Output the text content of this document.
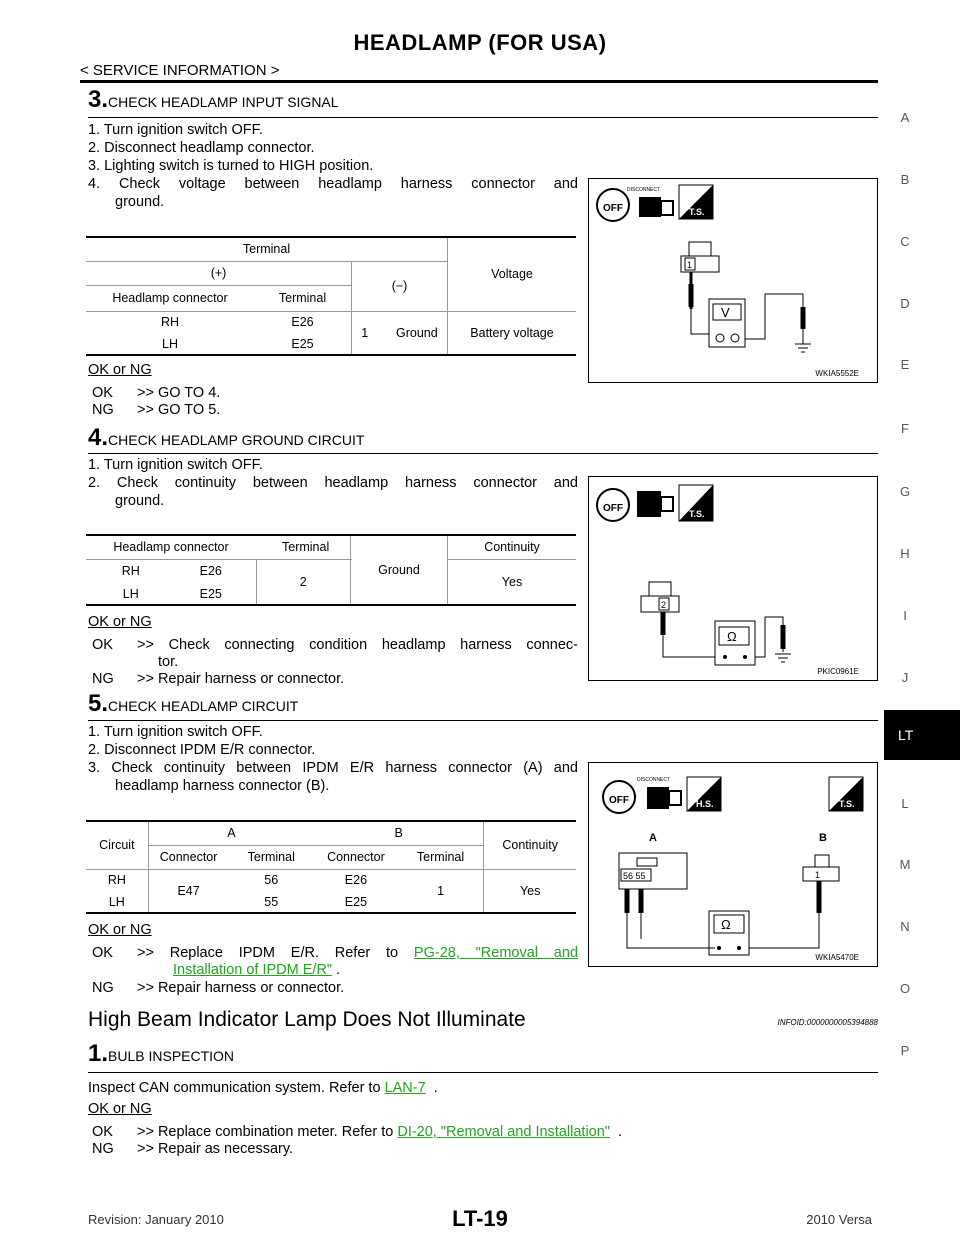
HEADLAMP (FOR USA)
< SERVICE INFORMATION >
A
B
C
D
E
F
G
H
I
J
LT
L
M
N
O
P
3.CHECK HEADLAMP INPUT SIGNAL
1. Turn ignition switch OFF.
2. Disconnect headlamp connector.
3. Lighting switch is turned to HIGH position.
4. Check voltage between headlamp harness connector and
ground.
Terminal			Voltage
(+)		(−)	
Headlamp connector	Terminal		
RH	E26	1 Ground	Battery voltage
LH	E25		
OK or NG
OK >> GO TO 4.
NG >> GO TO 5.
OFF
DISCONNECT
T.S.
1
V
WKIA5552E
4.CHECK HEADLAMP GROUND CIRCUIT
1. Turn ignition switch OFF.
2. Check continuity between headlamp harness connector and
ground.
Headlamp connector	Terminal	Ground	Continuity
RH E26	2		Yes
LH E25			
OK or NG
OK >> Check connecting condition headlamp harness connec-
tor.
NG >> Repair harness or connector.
OFF	T.S.
2
Ω
PKIC0961E
5.CHECK HEADLAMP CIRCUIT
1. Turn ignition switch OFF.
2. Disconnect IPDM E/R connector.
3. Check continuity between IPDM E/R harness connector (A) and
headlamp harness connector (B).
Circuit	A		B		Continuity
	Connector	Terminal	Connector	Terminal	
RH	E47	56	E26	1	Yes
LH		55	E25		
OK or NG
OK >> Replace IPDM E/R. Refer to PG-28, "Removal and
Installation of IPDM E/R" .
NG >> Repair harness or connector.
OFF
DISCONNECT
H.S.	T.S.
A	B
56 55	1
Ω
WKIA5470E
High Beam Indicator Lamp Does Not Illuminate	INFOID:0000000005394888
1.BULB INSPECTION
Inspect CAN communication system. Refer to LAN-7 .
OK or NG
OK >> Replace combination meter. Refer to DI-20, "Removal and Installation" .
NG >> Repair as necessary.
Revision: January 2010	LT-19	2010 Versa
